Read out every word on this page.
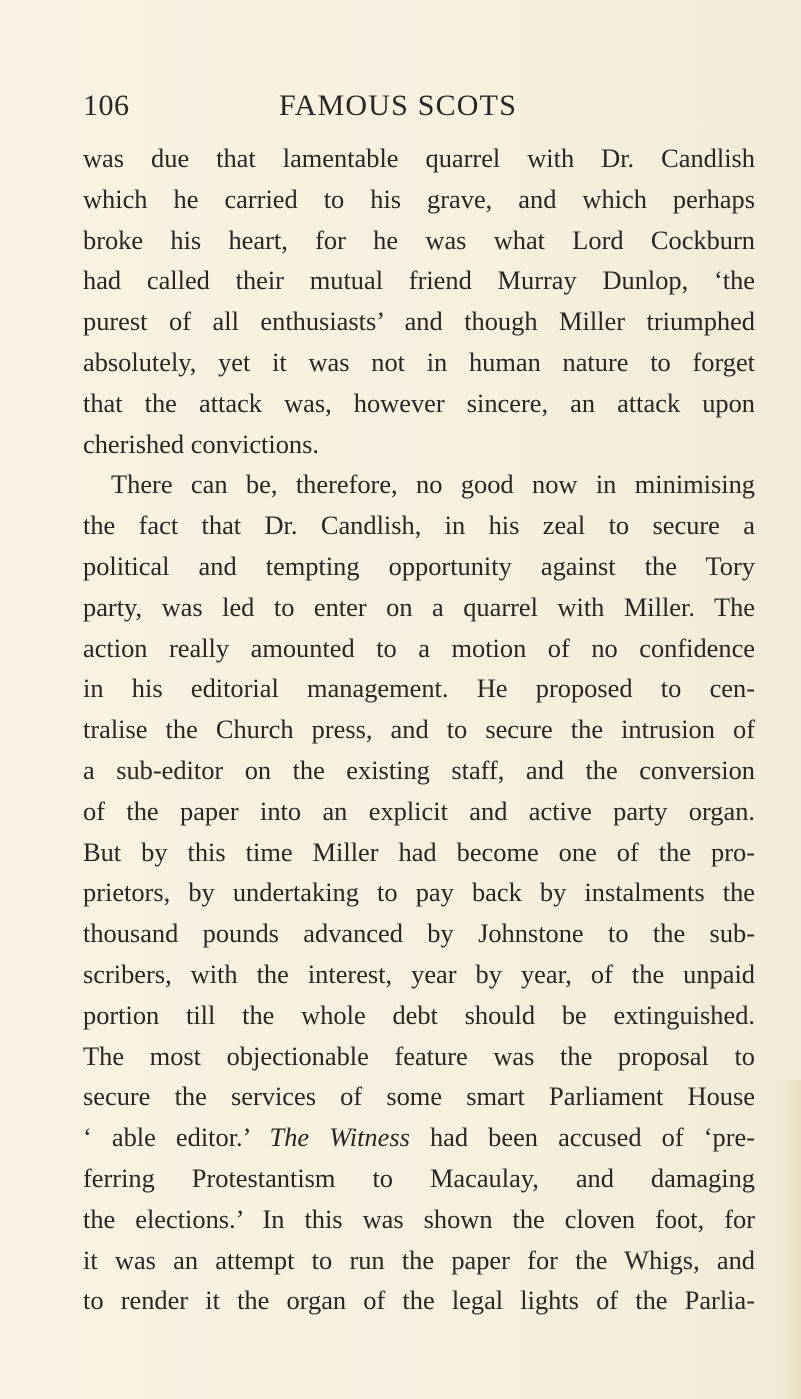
106	FAMOUS SCOTS
was due that lamentable quarrel with Dr. Candlish
which he carried to his grave, and which perhaps
broke his heart, for he was what Lord Cockburn
had called their mutual friend Murray Dunlop, ‘the
purest of all enthusiasts’ and though Miller triumphed
absolutely, yet it was not in human nature to forget
that the attack was, however sincere, an attack upon
cherished convictions.
There can be, therefore, no good now in minimising
the fact that Dr. Candlish, in his zeal to secure a
political and tempting opportunity against the Tory
party, was led to enter on a quarrel with Miller. The
action really amounted to a motion of no confidence
in his editorial management. He proposed to cen-
tralise the Church press, and to secure the intrusion of
a sub-editor on the existing staff, and the conversion
of the paper into an explicit and active party organ.
But by this time Miller had become one of the pro-
prietors, by undertaking to pay back by instalments the
thousand pounds advanced by Johnstone to the sub-
scribers, with the interest, year by year, of the unpaid
portion till the whole debt should be extinguished.
The most objectionable feature was the proposal to
secure the services of some smart Parliament House
‘ able editor.’ The Witness had been accused of ‘pre-
ferring Protestantism to Macaulay, and damaging
the elections.’ In this was shown the cloven foot, for
it was an attempt to run the paper for the Whigs, and
to render it the organ of the legal lights of the Parlia-
